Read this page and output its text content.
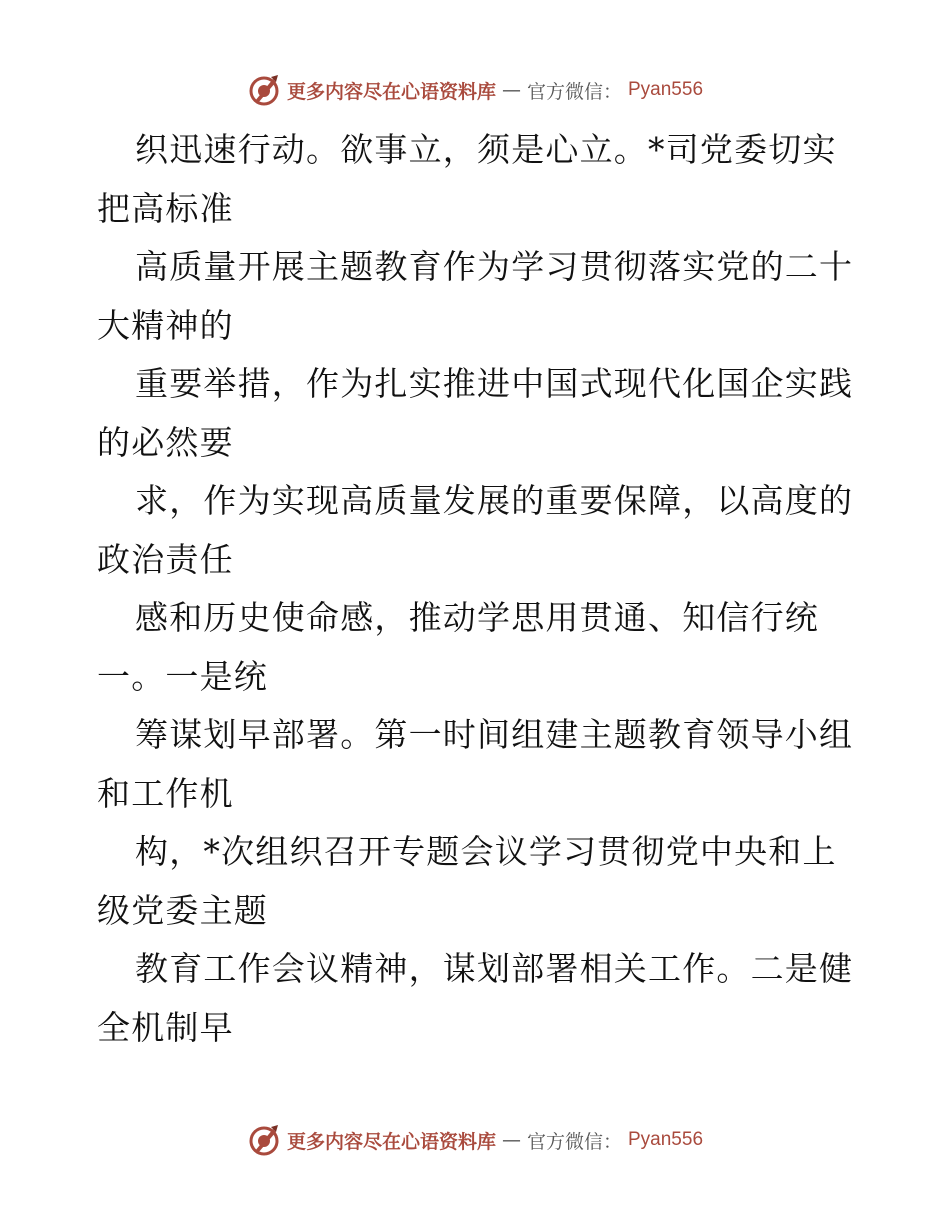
更多内容尽在心语资料库 — 官方微信： Pyan556
织迅速行动。欲事立，须是心立。*司党委切实
把高标准
高质量开展主题教育作为学习贯彻落实党的二十
大精神的
重要举措，作为扎实推进中国式现代化国企实践
的必然要
求，作为实现高质量发展的重要保障，以高度的
政治责任
感和历史使命感，推动学思用贯通、知信行统
一。一是统
筹谋划早部署。第一时间组建主题教育领导小组
和工作机
构，*次组织召开专题会议学习贯彻党中央和上
级党委主题
教育工作会议精神，谋划部署相关工作。二是健
全机制早
更多内容尽在心语资料库 — 官方微信： Pyan556
